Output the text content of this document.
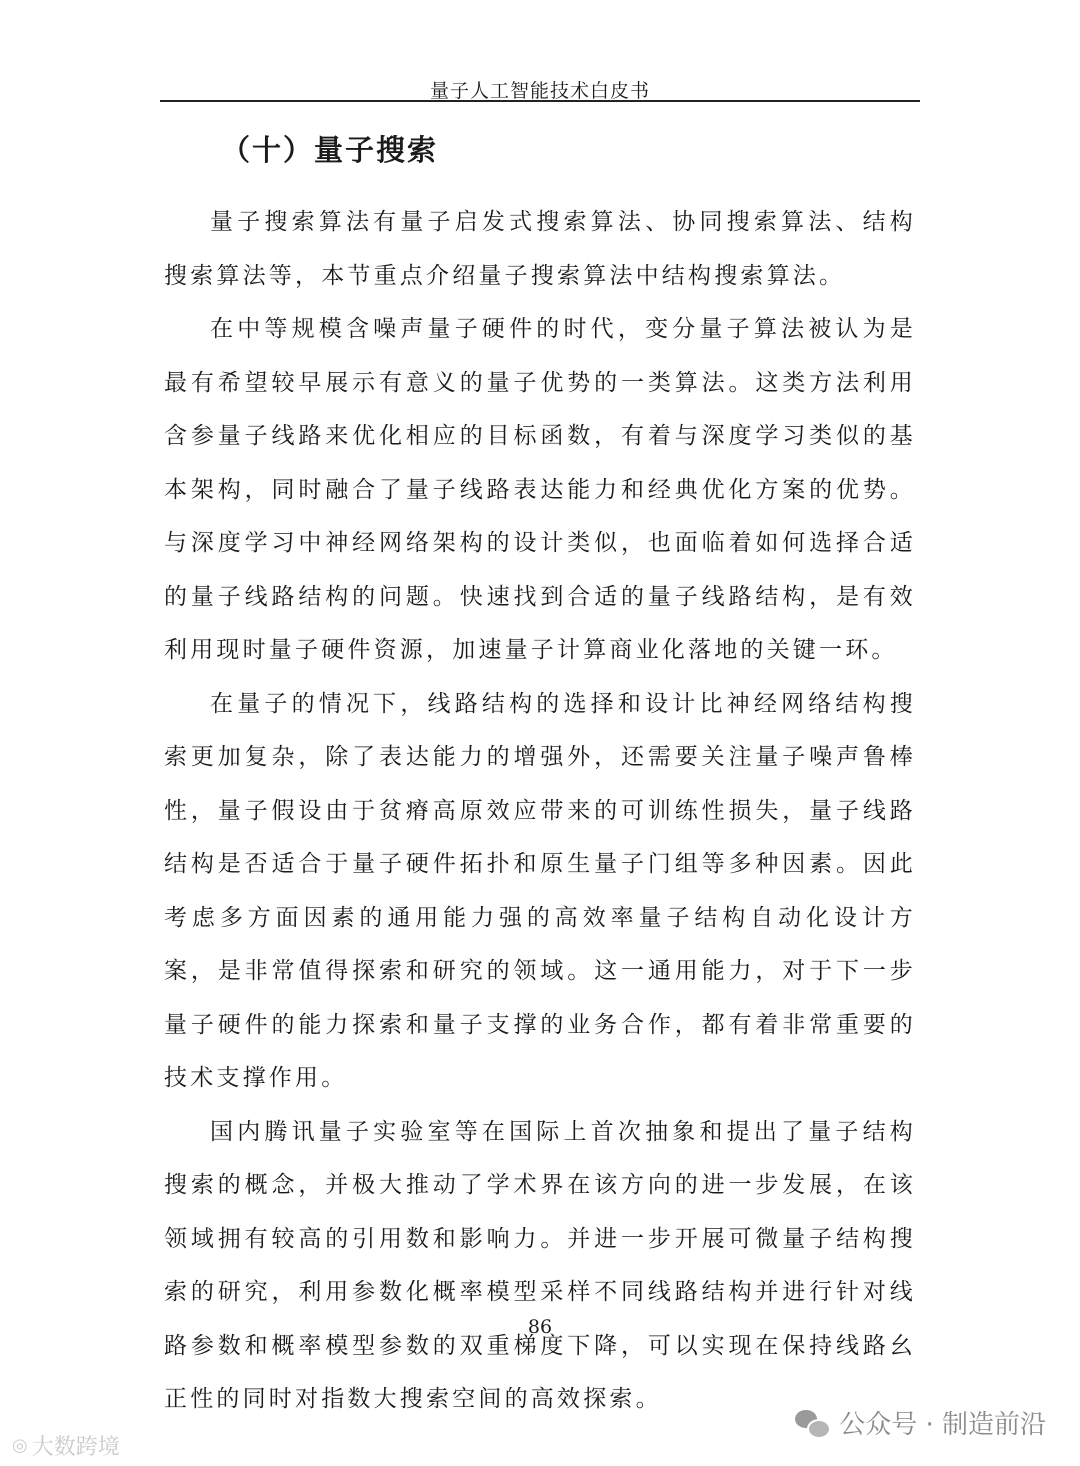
量子人工智能技术白皮书
（十）量子搜索

量子搜索算法有量子启发式搜索算法、协同搜索算法、结构搜索算法等，本节重点介绍量子搜索算法中结构搜索算法。

在中等规模含噪声量子硬件的时代，变分量子算法被认为是最有希望较早展示有意义的量子优势的一类算法。这类方法利用含参量子线路来优化相应的目标函数，有着与深度学习类似的基本架构，同时融合了量子线路表达能力和经典优化方案的优势。与深度学习中神经网络架构的设计类似，也面临着如何选择合适的量子线路结构的问题。快速找到合适的量子线路结构，是有效利用现时量子硬件资源，加速量子计算商业化落地的关键一环。

在量子的情况下，线路结构的选择和设计比神经网络结构搜索更加复杂，除了表达能力的增强外，还需要关注量子噪声鲁棒性，量子假设由于贫瘠高原效应带来的可训练性损失，量子线路结构是否适合于量子硬件拓扑和原生量子门组等多种因素。因此考虑多方面因素的通用能力强的高效率量子结构自动化设计方案，是非常值得探索和研究的领域。这一通用能力，对于下一步量子硬件的能力探索和量子支撑的业务合作，都有着非常重要的技术支撑作用。

国内腾讯量子实验室等在国际上首次抽象和提出了量子结构搜索的概念，并极大推动了学术界在该方向的进一步发展，在该领域拥有较高的引用数和影响力。并进一步开展可微量子结构搜索的研究，利用参数化概率模型采样不同线路结构并进行针对线路参数和概率模型参数的双重梯度下降，可以实现在保持线路幺正性的同时对指数大搜索空间的高效探索。

86
◎ 大数跨境
公众号 · 制造前沿
